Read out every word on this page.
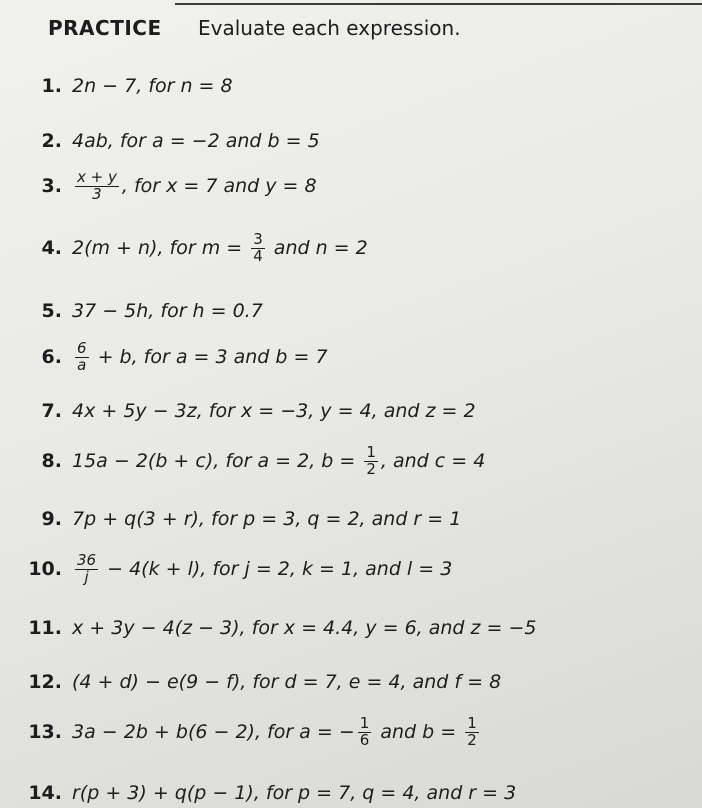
PRACTICE Evaluate each expression.
1. 2n − 7, for n = 8
2. 4ab, for a = −2 and b = 5
3. $\frac{x + y}{3}$ , for x = 7 and y = 8
4. 2(m + n), for $m = \frac{3}{4}$ and n = 2
5. 37 − 5h, for h = 0.7
6. $\frac{6}{a} + b$, for a = 3 and b = 7
7. 4x + 5y − 3z, for x = −3, y = 4, and z = 2
8. 15a − 2(b + c), for a = 2, $b = \frac{1}{2}$ , and c = 4
9. 7p + q(3 + r), for p = 3, q = 2, and r = 1
10. $\frac{36}{j} - 4(k + l)$, for j = 2, k = 1, and l = 3
11. x + 3y − 4(z − 3), for x = 4.4, y = 6, and z = −5
12. (4 + d) − e(9 − f), for d = 7, e = 4, and f = 8
13. 3a − 2b + b(6 − 2), for a = − $\frac{1}{6}$ and $b = \frac{1}{2}$
14. r(p + 3) + q(p − 1), for p = 7, q = 4, and r = 3
